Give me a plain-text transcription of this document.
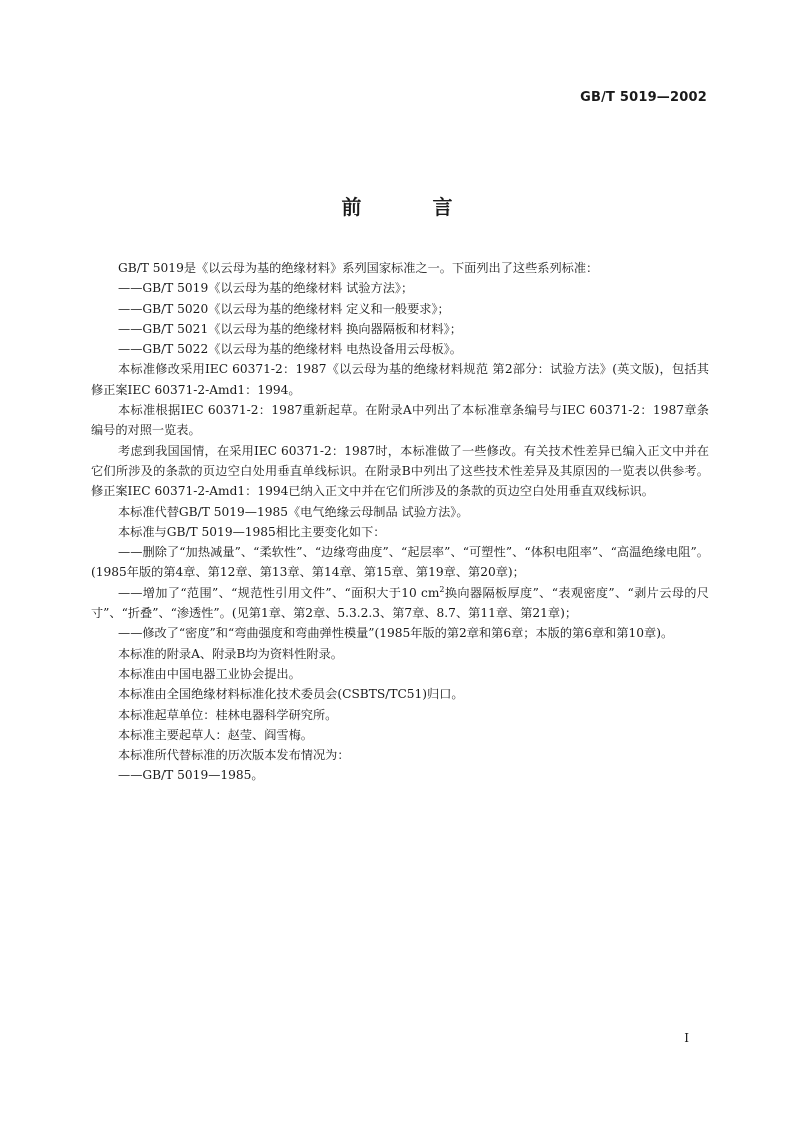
GB/T 5019—2002
前 言

GB/T 5019是《以云母为基的绝缘材料》系列国家标准之一。下面列出了这些系列标准：

——GB/T 5019《以云母为基的绝缘材料 试验方法》；

——GB/T 5020《以云母为基的绝缘材料 定义和一般要求》；

——GB/T 5021《以云母为基的绝缘材料 换向器隔板和材料》；

——GB/T 5022《以云母为基的绝缘材料 电热设备用云母板》。

本标准修改采用IEC 60371-2：1987《以云母为基的绝缘材料规范 第2部分：试验方法》(英文版)，包括其修正案IEC 60371-2-Amd1：1994。

本标准根据IEC 60371-2：1987重新起草。在附录A中列出了本标准章条编号与IEC 60371-2：1987章条编号的对照一览表。

考虑到我国国情，在采用IEC 60371-2：1987时，本标准做了一些修改。有关技术性差异已编入正文中并在它们所涉及的条款的页边空白处用垂直单线标识。在附录B中列出了这些技术性差异及其原因的一览表以供参考。修正案IEC 60371-2-Amd1：1994已纳入正文中并在它们所涉及的条款的页边空白处用垂直双线标识。

本标准代替GB/T 5019—1985《电气绝缘云母制品 试验方法》。

本标准与GB/T 5019—1985相比主要变化如下：

——删除了“加热减量”、“柔软性”、“边缘弯曲度”、“起层率”、“可塑性”、“体积电阻率”、“高温绝缘电阻”。(1985年版的第4章、第12章、第13章、第14章、第15章、第19章、第20章)；

——增加了“范围”、“规范性引用文件”、“面积大于10 $cm^2$换向器隔板厚度”、“表观密度”、“剥片云母的尺寸”、“折叠”、“渗透性”。(见第1章、第2章、5.3.2.3、第7章、8.7、第11章、第21章)；

——修改了“密度”和“弯曲强度和弯曲弹性模量”(1985年版的第2章和第6章；本版的第6章和第10章)。

本标准的附录A、附录B均为资料性附录。

本标准由中国电器工业协会提出。

本标准由全国绝缘材料标准化技术委员会(CSBTS/TC51)归口。

本标准起草单位：桂林电器科学研究所。

本标准主要起草人：赵莹、阎雪梅。

本标准所代替标准的历次版本发布情况为：

——GB/T 5019—1985。

I
